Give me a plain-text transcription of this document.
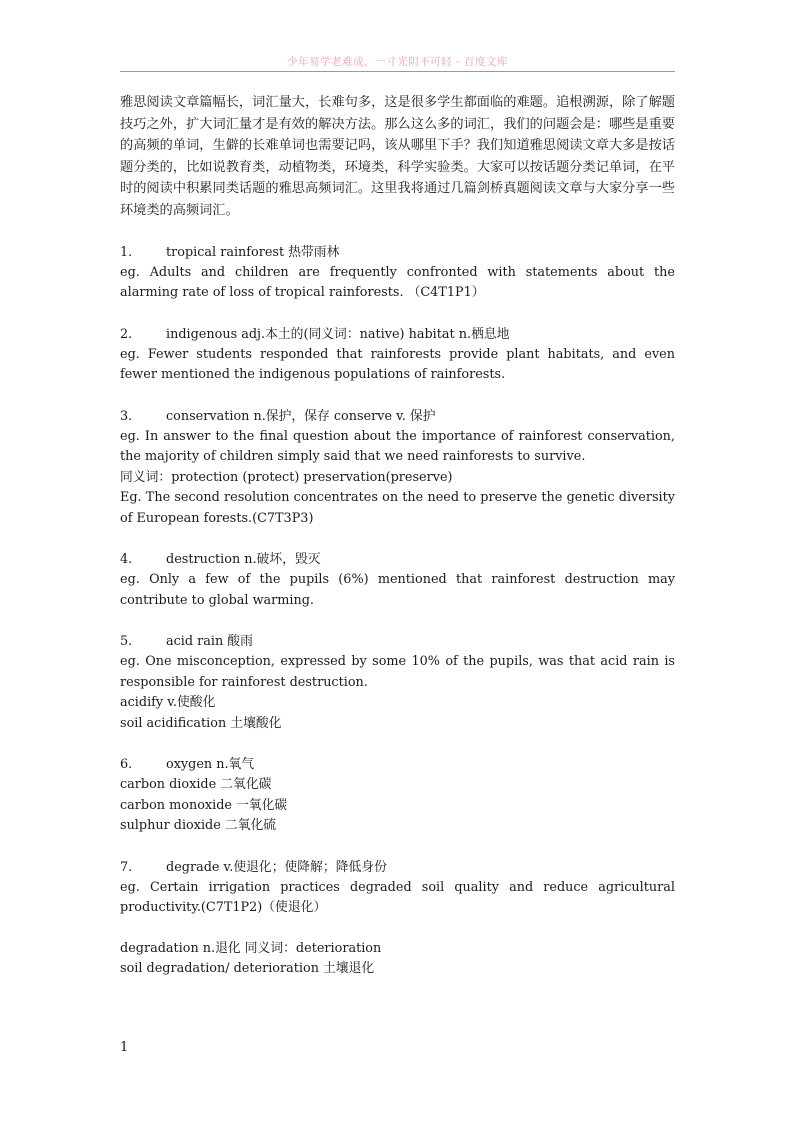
少年易学老难成，一寸光阴不可轻 - 百度文库

雅思阅读文章篇幅长，词汇量大，长难句多，这是很多学生都面临的难题。追根溯源，除了解题技巧之外，扩大词汇量才是有效的解决方法。那么这么多的词汇，我们的问题会是：哪些是重要的高频的单词，生僻的长难单词也需要记吗，该从哪里下手？我们知道雅思阅读文章大多是按话题分类的，比如说教育类，动植物类，环境类，科学实验类。大家可以按话题分类记单词，在平时的阅读中积累同类话题的雅思高频词汇。这里我将通过几篇剑桥真题阅读文章与大家分享一些环境类的高频词汇。

1.	tropical rainforest 热带雨林
eg. Adults and children are frequently confronted with statements about the alarming rate of loss of tropical rainforests. （C4T1P1）
2.	indigenous adj.本土的(同义词：native) habitat n.栖息地
eg. Fewer students responded that rainforests provide plant habitats, and even fewer mentioned the indigenous populations of rainforests.
3.	conservation n.保护，保存 conserve v. 保护
eg. In answer to the final question about the importance of rainforest conservation, the majority of children simply said that we need rainforests to survive.
同义词：protection (protect) preservation(preserve)
Eg. The second resolution concentrates on the need to preserve the genetic diversity of European forests.(C7T3P3)
4.	destruction n.破坏，毁灭
eg. Only a few of the pupils (6%) mentioned that rainforest destruction may contribute to global warming.
5.	acid rain 酸雨
eg. One misconception, expressed by some 10% of the pupils, was that acid rain is responsible for rainforest destruction.
acidify v.使酸化
soil acidification 土壤酸化
6.	oxygen n.氧气
carbon dioxide 二氧化碳
carbon monoxide 一氧化碳
sulphur dioxide 二氧化硫
7.	degrade v.使退化；使降解；降低身份
eg. Certain irrigation practices degraded soil quality and reduce agricultural productivity.(C7T1P2)（使退化）
degradation n.退化 同义词：deterioration
soil degradation/ deterioration 土壤退化
1
